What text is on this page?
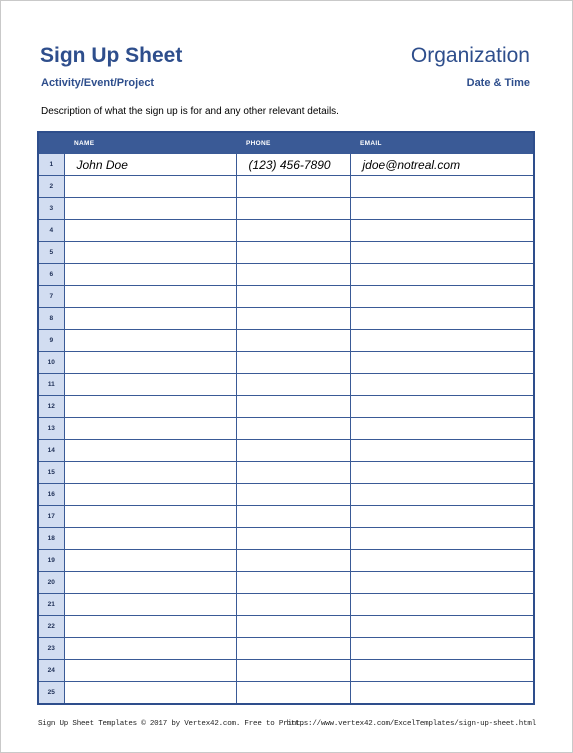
Sign Up Sheet	Organization
Activity/Event/Project	Date & Time
Description of what the sign up is for and any other relevant details.
	NAME	PHONE	EMAIL
1	John Doe	(123) 456-7890	jdoe@notreal.com
2			
3			
4			
5			
6			
7			
8			
9			
10			
11			
12			
13			
14			
15			
16			
17			
18			
19			
20			
21			
22			
23			
24			
25			
Sign Up Sheet Templates © 2017 by Vertex42.com. Free to Print.
https://www.vertex42.com/ExcelTemplates/sign-up-sheet.html
